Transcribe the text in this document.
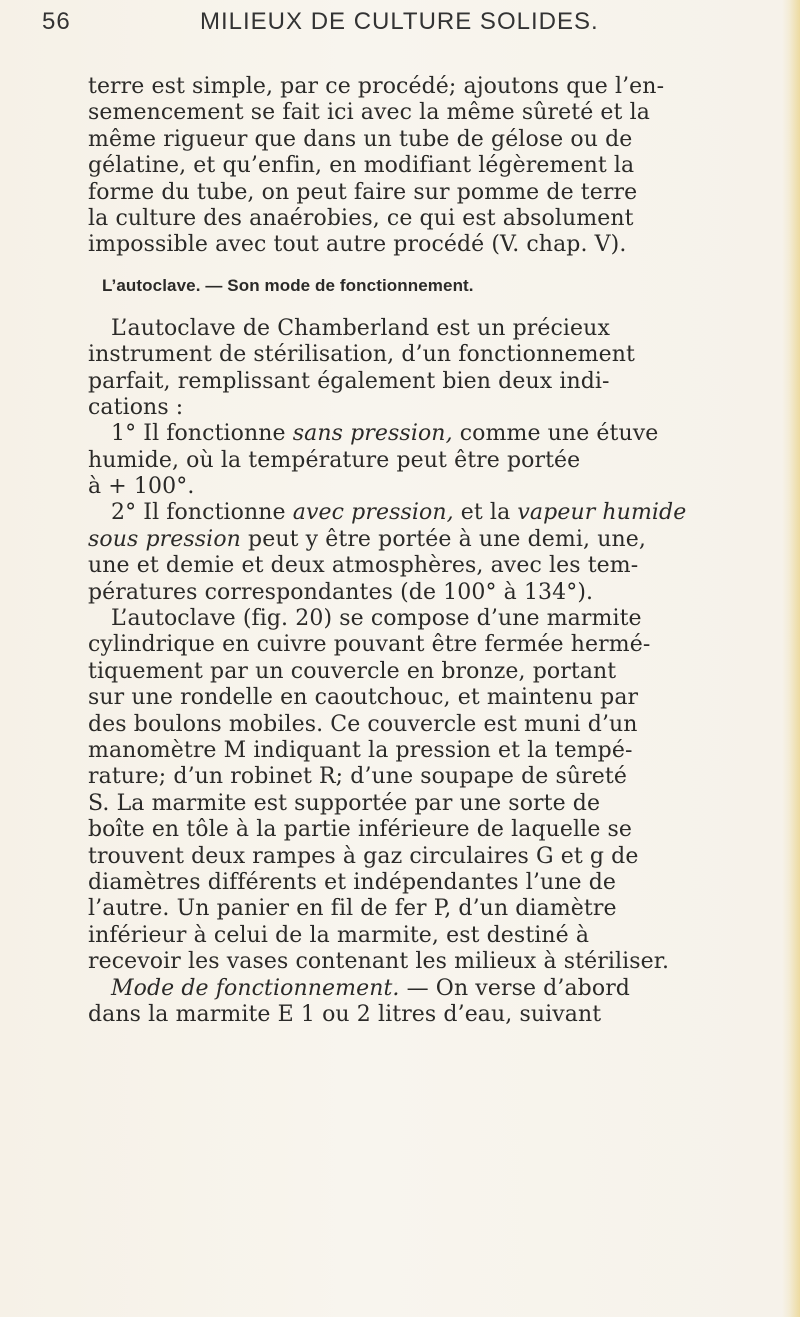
56	MILIEUX DE CULTURE SOLIDES.
terre est simple, par ce procédé; ajoutons que l’en-
semencement se fait ici avec la même sûreté et la
même rigueur que dans un tube de gélose ou de
gélatine, et qu’enfin, en modifiant légèrement la
forme du tube, on peut faire sur pomme de terre
la culture des anaérobies, ce qui est absolument
impossible avec tout autre procédé (V. chap. V).
L’autoclave. — Son mode de fonctionnement.
L’autoclave de Chamberland est un précieux
instrument de stérilisation, d’un fonctionnement
parfait, remplissant également bien deux indi-
cations :
1° Il fonctionne sans pression, comme une étuve
humide, où la température peut être portée
à + 100°.
2° Il fonctionne avec pression, et la vapeur humide
sous pression peut y être portée à une demi, une,
une et demie et deux atmosphères, avec les tem-
pératures correspondantes (de 100° à 134°).
L’autoclave (fig. 20) se compose d’une marmite
cylindrique en cuivre pouvant être fermée hermé-
tiquement par un couvercle en bronze, portant
sur une rondelle en caoutchouc, et maintenu par
des boulons mobiles. Ce couvercle est muni d’un
manomètre M indiquant la pression et la tempé-
rature; d’un robinet R; d’une soupape de sûreté
S. La marmite est supportée par une sorte de
boîte en tôle à la partie inférieure de laquelle se
trouvent deux rampes à gaz circulaires G et g de
diamètres différents et indépendantes l’une de
l’autre. Un panier en fil de fer P, d’un diamètre
inférieur à celui de la marmite, est destiné à
recevoir les vases contenant les milieux à stériliser.
Mode de fonctionnement. — On verse d’abord
dans la marmite E 1 ou 2 litres d’eau, suivant
